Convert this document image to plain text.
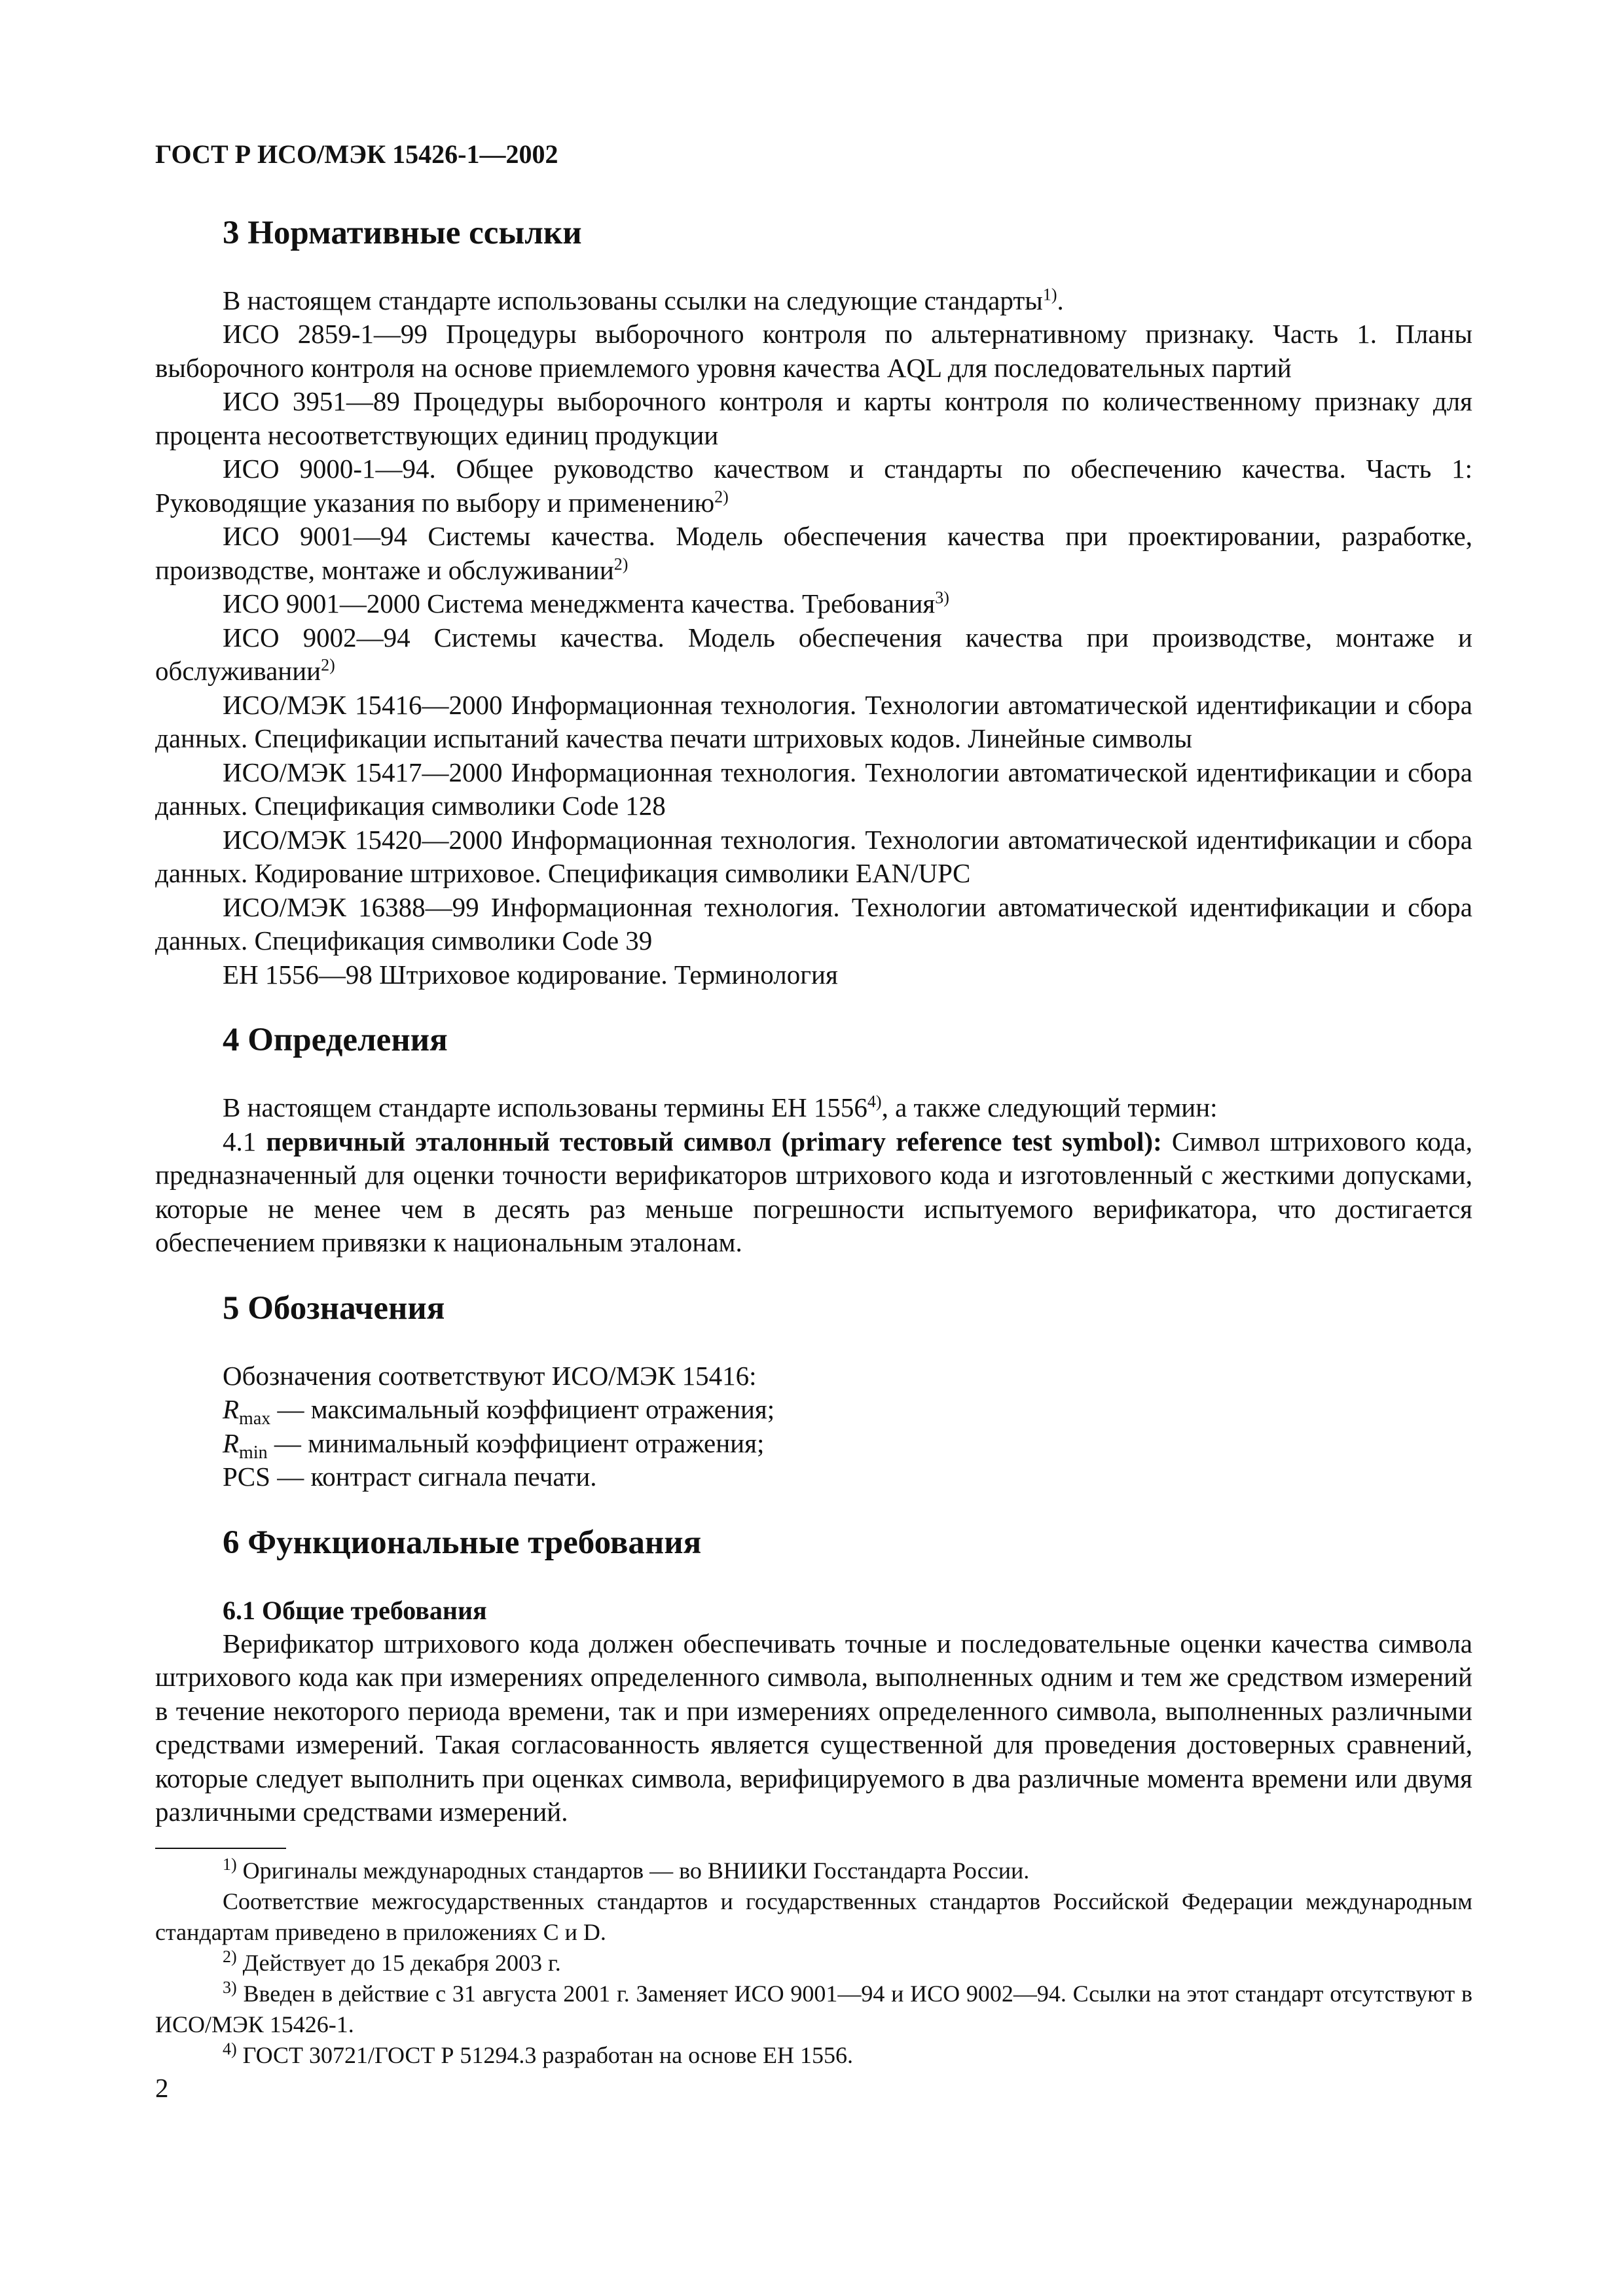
ГОСТ Р ИСО/МЭК 15426-1—2002
3 Нормативные ссылки

В настоящем стандарте использованы ссылки на следующие стандарты$^{1)}$.

ИСО 2859-1—99 Процедуры выборочного контроля по альтернативному признаку. Часть 1. Планы выборочного контроля на основе приемлемого уровня качества AQL для последовательных партий

ИСО 3951—89 Процедуры выборочного контроля и карты контроля по количественному признаку для процента несоответствующих единиц продукции

ИСО 9000-1—94. Общее руководство качеством и стандарты по обеспечению качества. Часть 1: Руководящие указания по выбору и применению$^{2)}$

ИСО 9001—94 Системы качества. Модель обеспечения качества при проектировании, разработке, производстве, монтаже и обслуживании$^{2)}$

ИСО 9001—2000 Система менеджмента качества. Требования$^{3)}$

ИСО 9002—94 Системы качества. Модель обеспечения качества при производстве, монтаже и обслуживании$^{2)}$

ИСО/МЭК 15416—2000 Информационная технология. Технологии автоматической идентификации и сбора данных. Спецификации испытаний качества печати штриховых кодов. Линейные символы

ИСО/МЭК 15417—2000 Информационная технология. Технологии автоматической идентификации и сбора данных. Спецификация символики Code 128

ИСО/МЭК 15420—2000 Информационная технология. Технологии автоматической идентификации и сбора данных. Кодирование штриховое. Спецификация символики EAN/UPC

ИСО/МЭК 16388—99 Информационная технология. Технологии автоматической идентификации и сбора данных. Спецификация символики Code 39

ЕН 1556—98 Штриховое кодирование. Терминология

4 Определения

В настоящем стандарте использованы термины ЕН 1556$^{4)}$, а также следующий термин:

4.1 первичный эталонный тестовый символ (primary reference test symbol): Символ штрихового кода, предназначенный для оценки точности верификаторов штрихового кода и изготовленный с жесткими допусками, которые не менее чем в десять раз меньше погрешности испытуемого верификатора, что достигается обеспечением привязки к национальным эталонам.

5 Обозначения

Обозначения соответствуют ИСО/МЭК 15416:

$R_{max}$ — максимальный коэффициент отражения;

$R_{min}$ — минимальный коэффициент отражения;

PCS — контраст сигнала печати.

6 Функциональные требования
6.1 Общие требования

Верификатор штрихового кода должен обеспечивать точные и последовательные оценки качества символа штрихового кода как при измерениях определенного символа, выполненных одним и тем же средством измерений в течение некоторого периода времени, так и при измерениях определенного символа, выполненных различными средствами измерений. Такая согласованность является существенной для проведения достоверных сравнений, которые следует выполнить при оценках символа, верифицируемого в два различные момента времени или двумя различными средствами измерений.

$^{1)}$ Оригиналы международных стандартов — во ВНИИКИ Госстандарта России.

Соответствие межгосударственных стандартов и государственных стандартов Российской Федерации международным стандартам приведено в приложениях C и D.

$^{2)}$ Действует до 15 декабря 2003 г.

$^{3)}$ Введен в действие с 31 августа 2001 г. Заменяет ИСО 9001—94 и ИСО 9002—94. Ссылки на этот стандарт отсутствуют в ИСО/МЭК 15426-1.

$^{4)}$ ГОСТ 30721/ГОСТ Р 51294.3 разработан на основе ЕН 1556.

2
